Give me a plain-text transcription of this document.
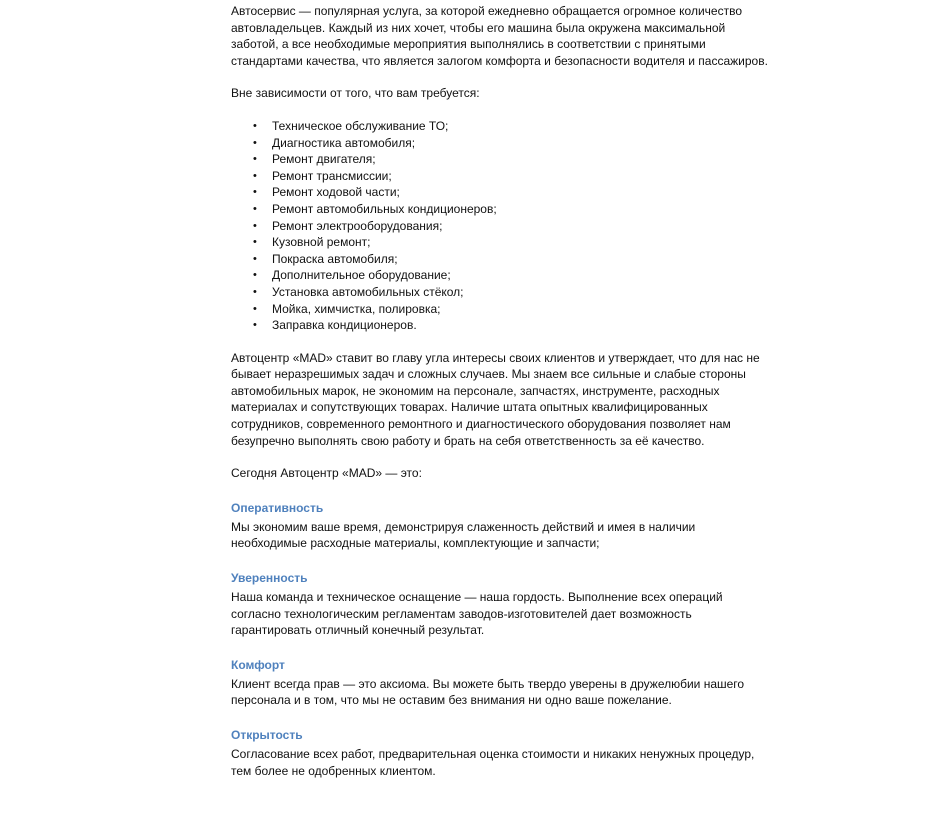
Автосервис — популярная услуга, за которой ежедневно обращается огромное количество автовладельцев. Каждый из них хочет, чтобы его машина была окружена максимальной заботой, а все необходимые мероприятия выполнялись в соответствии с принятыми стандартами качества, что является залогом комфорта и безопасности водителя и пассажиров.

Вне зависимости от того, что вам требуется:

• Техническое обслуживание ТО;
• Диагностика автомобиля;
• Ремонт двигателя;
• Ремонт трансмиссии;
• Ремонт ходовой части;
• Ремонт автомобильных кондиционеров;
• Ремонт электрооборудования;
• Кузовной ремонт;
• Покраска автомобиля;
• Дополнительное оборудование;
• Установка автомобильных стёкол;
• Мойка, химчистка, полировка;
• Заправка кондиционеров.

Автоцентр «MAD» ставит во главу угла интересы своих клиентов и утверждает, что для нас не бывает неразрешимых задач и сложных случаев. Мы знаем все сильные и слабые стороны автомобильных марок, не экономим на персонале, запчастях, инструменте, расходных материалах и сопутствующих товарах. Наличие штата опытных квалифицированных сотрудников, современного ремонтного и диагностического оборудования позволяет нам безупречно выполнять свою работу и брать на себя ответственность за её качество.

Сегодня Автоцентр «MAD» — это:

Оперативность

Мы экономим ваше время, демонстрируя слаженность действий и имея в наличии необходимые расходные материалы, комплектующие и запчасти;

Уверенность

Наша команда и техническое оснащение — наша гордость. Выполнение всех операций согласно технологическим регламентам заводов-изготовителей дает возможность гарантировать отличный конечный результат.

Комфорт

Клиент всегда прав — это аксиома. Вы можете быть твердо уверены в дружелюбии нашего персонала и в том, что мы не оставим без внимания ни одно ваше пожелание.

Открытость

Согласование всех работ, предварительная оценка стоимости и никаких ненужных процедур, тем более не одобренных клиентом.
